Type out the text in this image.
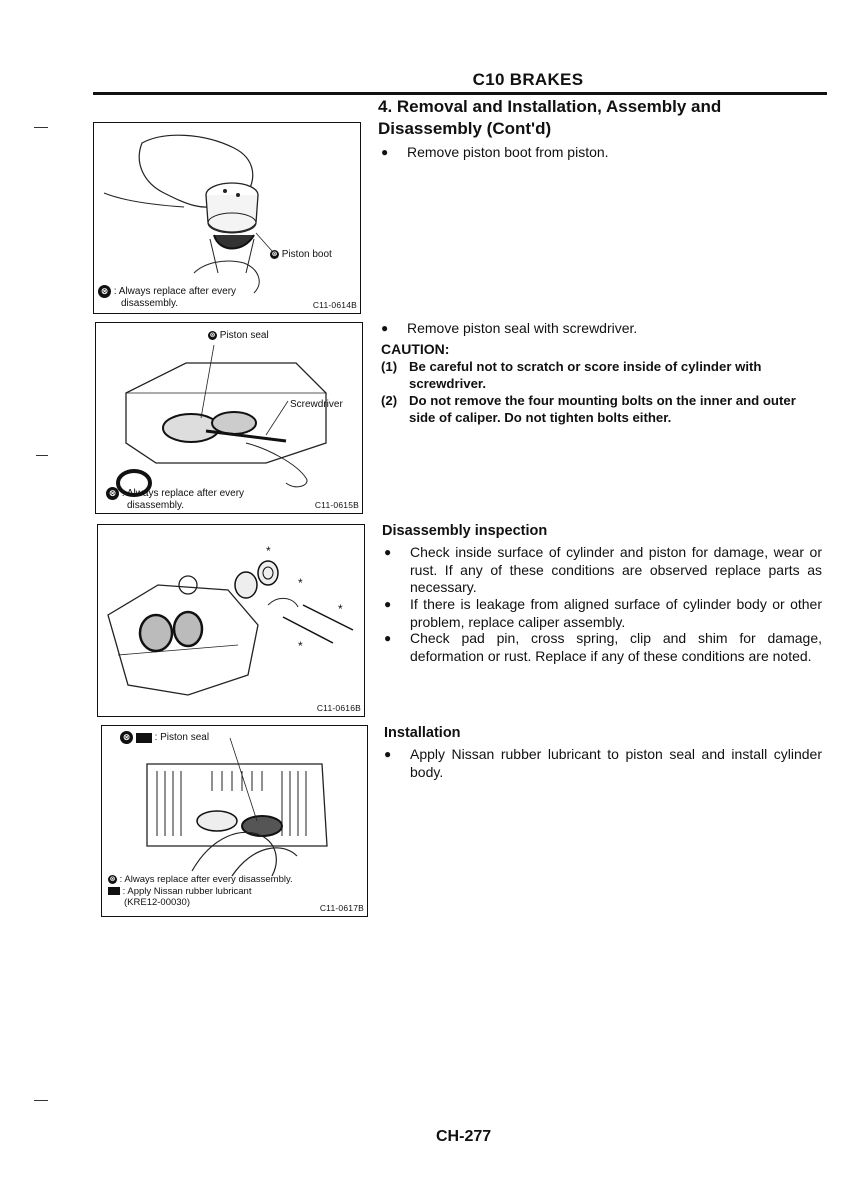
C10 BRAKES
4. Removal and Installation, Assembly and Disassembly (Cont'd)
●	Remove piston boot from piston.
●	Remove piston seal with screwdriver.
CAUTION:
(1) Be careful not to scratch or score inside of cylinder with screwdriver.
(2) Do not remove the four mounting bolts on the inner and outer side of caliper. Do not tighten bolts either.
Disassembly inspection
●	Check inside surface of cylinder and piston for damage, wear or rust. If any of these conditions are observed replace parts as necessary.
●	If there is leakage from aligned surface of cylinder body or other problem, replace caliper assembly.
●	Check pad pin, cross spring, clip and shim for damage, deformation or rust. Replace if any of these conditions are noted.
Installation
●	Apply Nissan rubber lubricant to piston seal and install cylinder body.
⊗ Piston boot
⊗ : Always replace after every
disassembly.	C11-0614B
⊗ Piston seal
Screwdriver
⊗ : Always replace after every
disassembly.	C11-0615B
*
*
*
*
C11-0616B
⊗ : Piston seal
⊗ : Always replace after every disassembly.
: Apply Nissan rubber lubricant
(KRE12-00030)	C11-0617B
CH-277
